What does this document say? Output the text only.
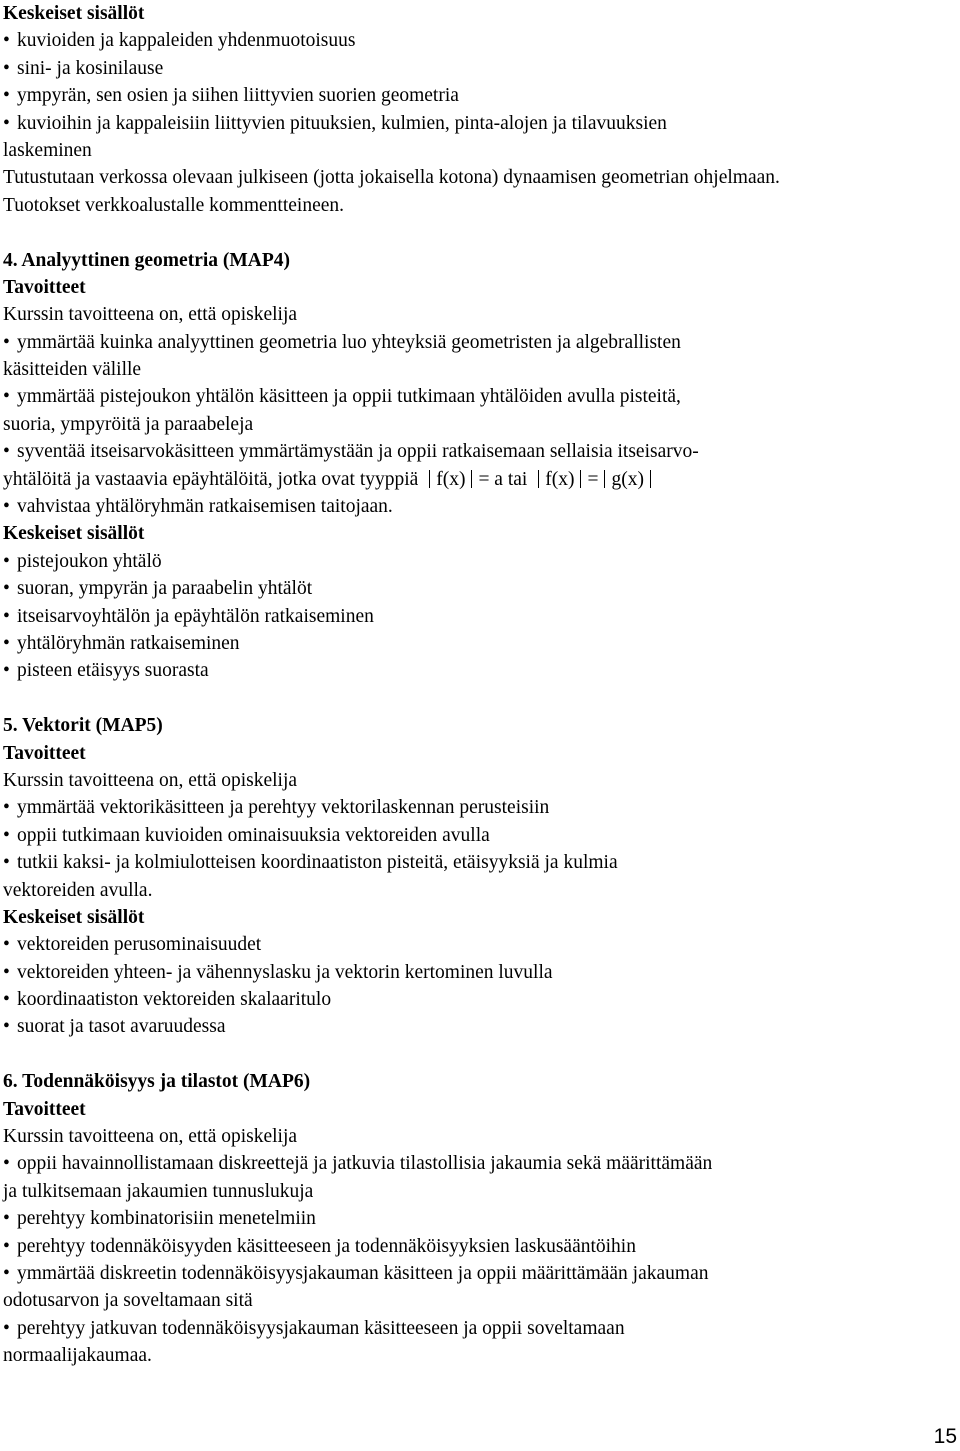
Keskeiset sisällöt
• kuvioiden ja kappaleiden yhdenmuotoisuus
• sini- ja kosinilause
• ympyrän, sen osien ja siihen liittyvien suorien geometria
• kuvioihin ja kappaleisiin liittyvien pituuksien, kulmien, pinta-alojen ja tilavuuksien
laskeminen
Tutustutaan verkossa olevaan julkiseen (jotta jokaisella kotona) dynaamisen geometrian ohjelmaan.
Tuotokset verkkoalustalle kommentteineen.
4. Analyyttinen geometria (MAP4)
Tavoitteet
Kurssin tavoitteena on, että opiskelija
• ymmärtää kuinka analyyttinen geometria luo yhteyksiä geometristen ja algebrallisten
käsitteiden välille
• ymmärtää pistejoukon yhtälön käsitteen ja oppii tutkimaan yhtälöiden avulla pisteitä,
suoria, ympyröitä ja paraabeleja
• syventää itseisarvokäsitteen ymmärtämystään ja oppii ratkaisemaan sellaisia itseisarvo-
yhtälöitä ja vastaavia epäyhtälöitä, jotka ovat tyyppiä f(x) = a tai f(x) = g(x)
• vahvistaa yhtälöryhmän ratkaisemisen taitojaan.
Keskeiset sisällöt
• pistejoukon yhtälö
• suoran, ympyrän ja paraabelin yhtälöt
• itseisarvoyhtälön ja epäyhtälön ratkaiseminen
• yhtälöryhmän ratkaiseminen
• pisteen etäisyys suorasta
5. Vektorit (MAP5)
Tavoitteet
Kurssin tavoitteena on, että opiskelija
• ymmärtää vektorikäsitteen ja perehtyy vektorilaskennan perusteisiin
• oppii tutkimaan kuvioiden ominaisuuksia vektoreiden avulla
• tutkii kaksi- ja kolmiulotteisen koordinaatiston pisteitä, etäisyyksiä ja kulmia
vektoreiden avulla.
Keskeiset sisällöt
• vektoreiden perusominaisuudet
• vektoreiden yhteen- ja vähennyslasku ja vektorin kertominen luvulla
• koordinaatiston vektoreiden skalaaritulo
• suorat ja tasot avaruudessa
6. Todennäköisyys ja tilastot (MAP6)
Tavoitteet
Kurssin tavoitteena on, että opiskelija
• oppii havainnollistamaan diskreettejä ja jatkuvia tilastollisia jakaumia sekä määrittämään
ja tulkitsemaan jakaumien tunnuslukuja
• perehtyy kombinatorisiin menetelmiin
• perehtyy todennäköisyyden käsitteeseen ja todennäköisyyksien laskusääntöihin
• ymmärtää diskreetin todennäköisyysjakauman käsitteen ja oppii määrittämään jakauman
odotusarvon ja soveltamaan sitä
• perehtyy jatkuvan todennäköisyysjakauman käsitteeseen ja oppii soveltamaan
normaalijakaumaa.
15
